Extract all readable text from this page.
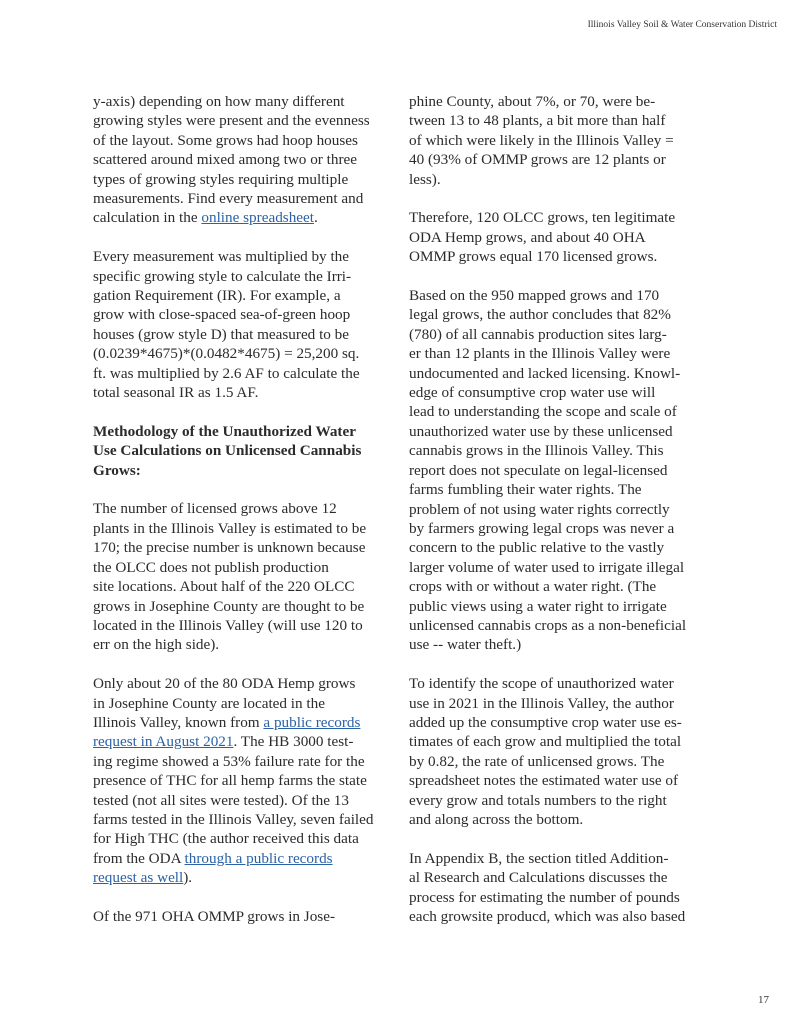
Illinois Valley Soil & Water Conservation District

y-axis) depending on how many different
growing styles were present and the evenness
of the layout. Some grows had hoop houses
scattered around mixed among two or three
types of growing styles requiring multiple
measurements. Find every measurement and
calculation in the online spreadsheet.

Every measurement was multiplied by the
specific growing style to calculate the Irri-
gation Requirement (IR). For example, a
grow with close-spaced sea-of-green hoop
houses (grow style D) that measured to be
(0.0239*4675)*(0.0482*4675) = 25,200 sq.
ft. was multiplied by 2.6 AF to calculate the
total seasonal IR as 1.5 AF.

Methodology of the Unauthorized Water
Use Calculations on Unlicensed Cannabis
Grows:

The number of licensed grows above 12
plants in the Illinois Valley is estimated to be
170; the precise number is unknown because
the OLCC does not publish production
site locations. About half of the 220 OLCC
grows in Josephine County are thought to be
located in the Illinois Valley (will use 120 to
err on the high side).

Only about 20 of the 80 ODA Hemp grows
in Josephine County are located in the
Illinois Valley, known from a public records
request in August 2021. The HB 3000 test-
ing regime showed a 53% failure rate for the
presence of THC for all hemp farms the state
tested (not all sites were tested). Of the 13
farms tested in the Illinois Valley, seven failed
for High THC (the author received this data
from the ODA through a public records
request as well).

Of the 971 OHA OMMP grows in Jose-

phine County, about 7%, or 70, were be-
tween 13 to 48 plants, a bit more than half
of which were likely in the Illinois Valley =
40 (93% of OMMP grows are 12 plants or
less).

Therefore, 120 OLCC grows, ten legitimate
ODA Hemp grows, and about 40 OHA
OMMP grows equal 170 licensed grows.

Based on the 950 mapped grows and 170
legal grows, the author concludes that 82%
(780) of all cannabis production sites larg-
er than 12 plants in the Illinois Valley were
undocumented and lacked licensing. Knowl-
edge of consumptive crop water use will
lead to understanding the scope and scale of
unauthorized water use by these unlicensed
cannabis grows in the Illinois Valley. This
report does not speculate on legal-licensed
farms fumbling their water rights. The
problem of not using water rights correctly
by farmers growing legal crops was never a
concern to the public relative to the vastly
larger volume of water used to irrigate illegal
crops with or without a water right. (The
public views using a water right to irrigate
unlicensed cannabis crops as a non-beneficial
use -- water theft.)

To identify the scope of unauthorized water
use in 2021 in the Illinois Valley, the author
added up the consumptive crop water use es-
timates of each grow and multiplied the total
by 0.82, the rate of unlicensed grows. The
spreadsheet notes the estimated water use of
every grow and totals numbers to the right
and along across the bottom.

In Appendix B, the section titled Addition-
al Research and Calculations discusses the
process for estimating the number of pounds
each growsite producd, which was also based

17
